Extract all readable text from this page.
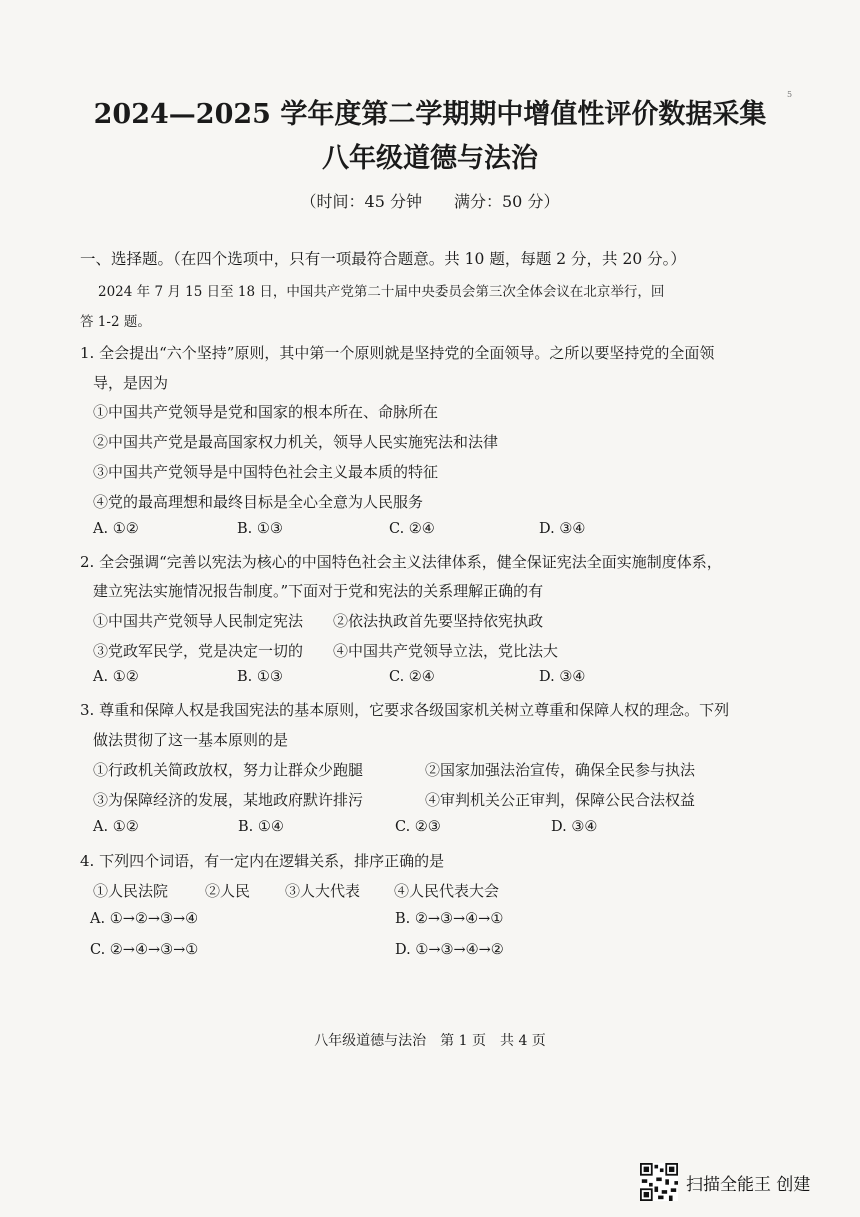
5
2024—2025 学年度第二学期期中增值性评价数据采集
八年级道德与法治
（时间：45 分钟　　满分：50 分）
一、选择题。（在四个选项中，只有一项最符合题意。共 10 题，每题 2 分，共 20 分。）
2024 年 7 月 15 日至 18 日，中国共产党第二十届中央委员会第三次全体会议在北京举行，回
答 1-2 题。
1. 全会提出“六个坚持”原则，其中第一个原则就是坚持党的全面领导。之所以要坚持党的全面领
导，是因为
①中国共产党领导是党和国家的根本所在、命脉所在
②中国共产党是最高国家权力机关，领导人民实施宪法和法律
③中国共产党领导是中国特色社会主义最本质的特征
④党的最高理想和最终目标是全心全意为人民服务
A. ①②	B. ①③	C. ②④	D. ③④
2. 全会强调“完善以宪法为核心的中国特色社会主义法律体系，健全保证宪法全面实施制度体系，
建立宪法实施情况报告制度。”下面对于党和宪法的关系理解正确的有
①中国共产党领导人民制定宪法 ②依法执政首先要坚持依宪执政
③党政军民学，党是决定一切的 ④中国共产党领导立法，党比法大
A. ①②	B. ①③	C. ②④	D. ③④
3. 尊重和保障人权是我国宪法的基本原则，它要求各级国家机关树立尊重和保障人权的理念。下列
做法贯彻了这一基本原则的是
①行政机关简政放权，努力让群众少跑腿	②国家加强法治宣传，确保全民参与执法
③为保障经济的发展，某地政府默许排污	④审判机关公正审判，保障公民合法权益
A. ①②	B. ①④	C. ②③	D. ③④
4. 下列四个词语，有一定内在逻辑关系，排序正确的是
①人民法院 ②人民 ③人大代表 ④人民代表大会
A. ①→②→③→④	B. ②→③→④→①
C. ②→④→③→①	D. ①→③→④→②
八年级道德与法治　第 1 页　共 4 页
扫描全能王 创建
